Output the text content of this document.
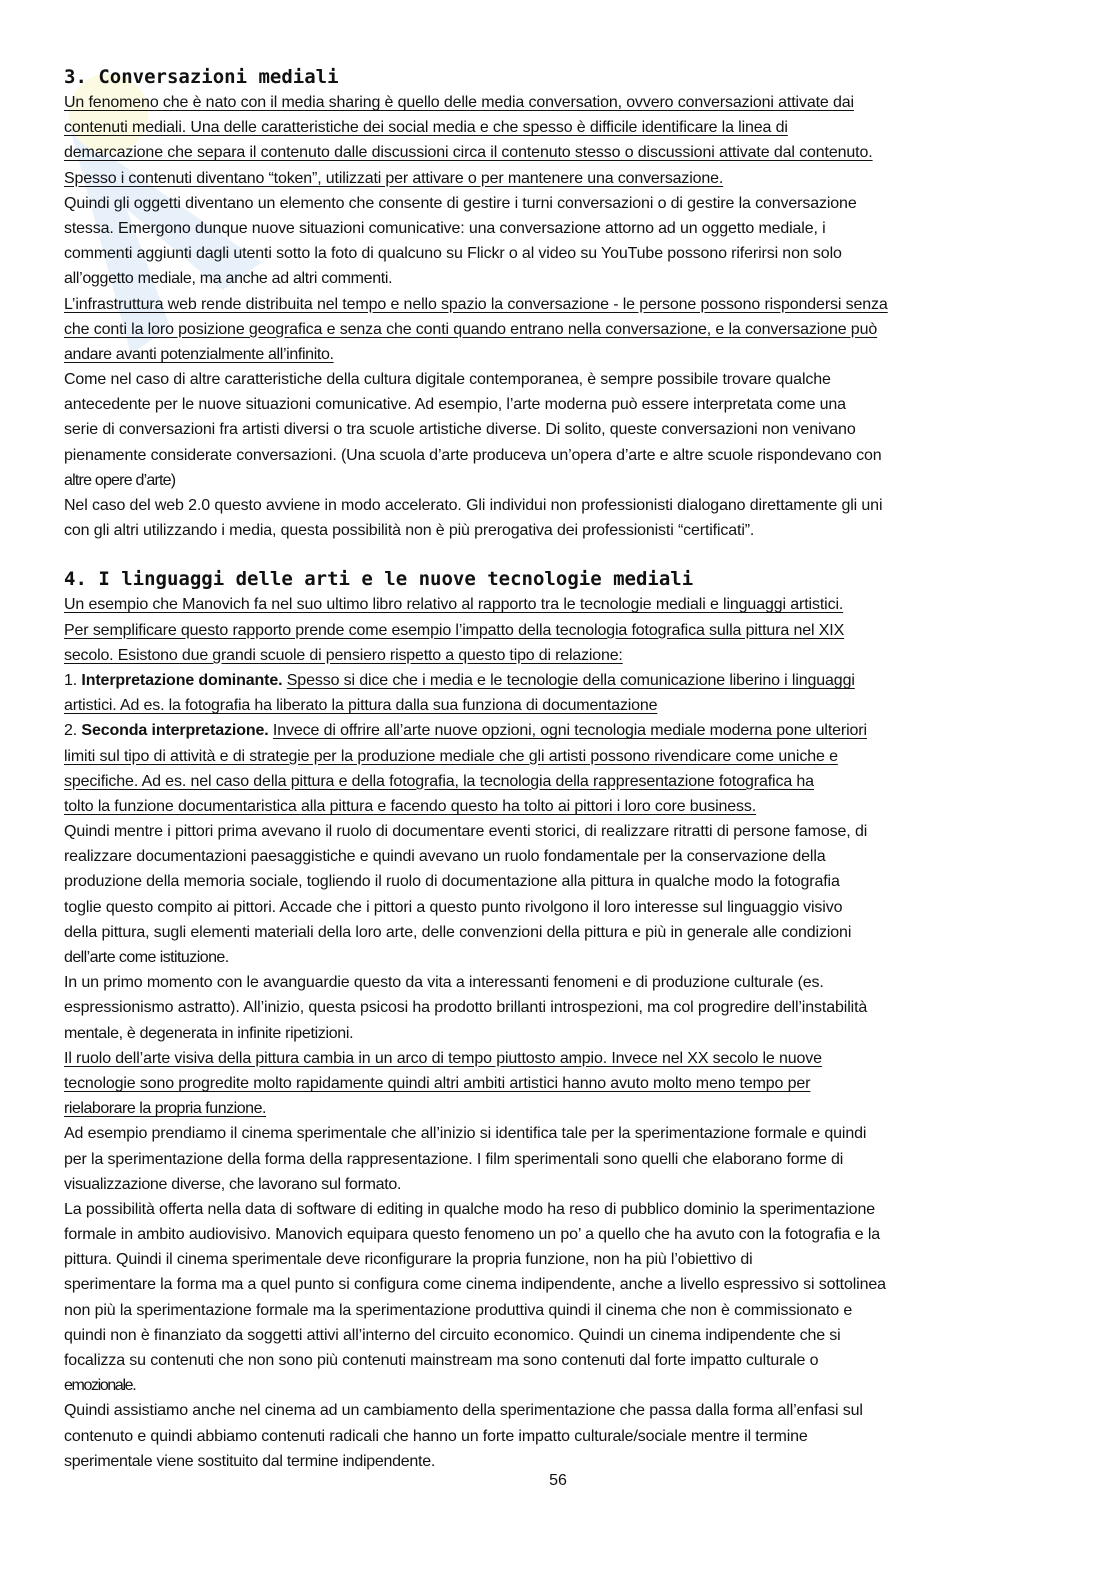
3. Conversazioni mediali
Un fenomeno che è nato con il media sharing è quello delle media conversation, ovvero conversazioni attivate dai
contenuti mediali. Una delle caratteristiche dei social media e che spesso è difficile identificare la linea di
demarcazione che separa il contenuto dalle discussioni circa il contenuto stesso o discussioni attivate dal contenuto.
Spesso i contenuti diventano “token”, utilizzati per attivare o per mantenere una conversazione.
Quindi gli oggetti diventano un elemento che consente di gestire i turni conversazioni o di gestire la conversazione
stessa. Emergono dunque nuove situazioni comunicative: una conversazione attorno ad un oggetto mediale, i
commenti aggiunti dagli utenti sotto la foto di qualcuno su Flickr o al video su YouTube possono riferirsi non solo
all’oggetto mediale, ma anche ad altri commenti.
L’infrastruttura web rende distribuita nel tempo e nello spazio la conversazione - le persone possono rispondersi senza
che conti la loro posizione geografica e senza che conti quando entrano nella conversazione, e la conversazione può
andare avanti potenzialmente all’infinito.
Come nel caso di altre caratteristiche della cultura digitale contemporanea, è sempre possibile trovare qualche
antecedente per le nuove situazioni comunicative. Ad esempio, l’arte moderna può essere interpretata come una
serie di conversazioni fra artisti diversi o tra scuole artistiche diverse. Di solito, queste conversazioni non venivano
pienamente considerate conversazioni. (Una scuola d’arte produceva un’opera d’arte e altre scuole rispondevano con
altre opere d’arte)
Nel caso del web 2.0 questo avviene in modo accelerato. Gli individui non professionisti dialogano direttamente gli uni
con gli altri utilizzando i media, questa possibilità non è più prerogativa dei professionisti “certificati”.
4. I linguaggi delle arti e le nuove tecnologie mediali
Un esempio che Manovich fa nel suo ultimo libro relativo al rapporto tra le tecnologie mediali e linguaggi artistici.
Per semplificare questo rapporto prende come esempio l’impatto della tecnologia fotografica sulla pittura nel XIX
secolo. Esistono due grandi scuole di pensiero rispetto a questo tipo di relazione:
1. Interpretazione dominante. Spesso si dice che i media e le tecnologie della comunicazione liberino i linguaggi
artistici. Ad es. la fotografia ha liberato la pittura dalla sua funziona di documentazione
2. Seconda interpretazione. Invece di offrire all’arte nuove opzioni, ogni tecnologia mediale moderna pone ulteriori
limiti sul tipo di attività e di strategie per la produzione mediale che gli artisti possono rivendicare come uniche e
specifiche. Ad es. nel caso della pittura e della fotografia, la tecnologia della rappresentazione fotografica ha
tolto la funzione documentaristica alla pittura e facendo questo ha tolto ai pittori i loro core business.
Quindi mentre i pittori prima avevano il ruolo di documentare eventi storici, di realizzare ritratti di persone famose, di
realizzare documentazioni paesaggistiche e quindi avevano un ruolo fondamentale per la conservazione della
produzione della memoria sociale, togliendo il ruolo di documentazione alla pittura in qualche modo la fotografia
toglie questo compito ai pittori. Accade che i pittori a questo punto rivolgono il loro interesse sul linguaggio visivo
della pittura, sugli elementi materiali della loro arte, delle convenzioni della pittura e più in generale alle condizioni
dell’arte come istituzione.
In un primo momento con le avanguardie questo da vita a interessanti fenomeni e di produzione culturale (es.
espressionismo astratto). All’inizio, questa psicosi ha prodotto brillanti introspezioni, ma col progredire dell’instabilità
mentale, è degenerata in infinite ripetizioni.
Il ruolo dell’arte visiva della pittura cambia in un arco di tempo piuttosto ampio. Invece nel XX secolo le nuove
tecnologie sono progredite molto rapidamente quindi altri ambiti artistici hanno avuto molto meno tempo per
rielaborare la propria funzione.
Ad esempio prendiamo il cinema sperimentale che all’inizio si identifica tale per la sperimentazione formale e quindi
per la sperimentazione della forma della rappresentazione. I film sperimentali sono quelli che elaborano forme di
visualizzazione diverse, che lavorano sul formato.
La possibilità offerta nella data di software di editing in qualche modo ha reso di pubblico dominio la sperimentazione
formale in ambito audiovisivo. Manovich equipara questo fenomeno un po’ a quello che ha avuto con la fotografia e la
pittura. Quindi il cinema sperimentale deve riconfigurare la propria funzione, non ha più l’obiettivo di
sperimentare la forma ma a quel punto si configura come cinema indipendente, anche a livello espressivo si sottolinea
non più la sperimentazione formale ma la sperimentazione produttiva quindi il cinema che non è commissionato e
quindi non è finanziato da soggetti attivi all’interno del circuito economico. Quindi un cinema indipendente che si
focalizza su contenuti che non sono più contenuti mainstream ma sono contenuti dal forte impatto culturale o
emozionale.
Quindi assistiamo anche nel cinema ad un cambiamento della sperimentazione che passa dalla forma all’enfasi sul
contenuto e quindi abbiamo contenuti radicali che hanno un forte impatto culturale/sociale mentre il termine
sperimentale viene sostituito dal termine indipendente.
56
